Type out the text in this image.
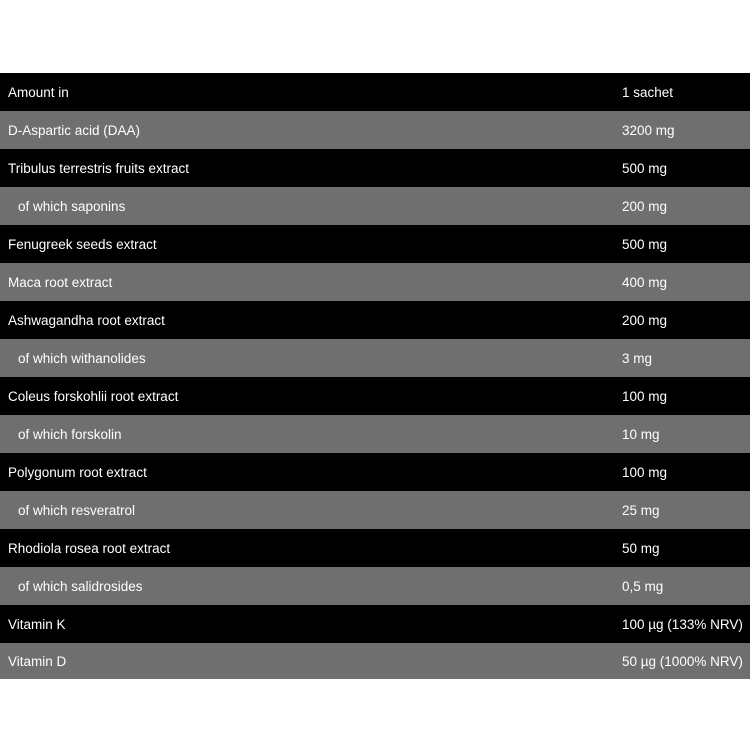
Amount in	1 sachet
D-Aspartic acid (DAA)	3200 mg
Tribulus terrestris fruits extract	500 mg
of which saponins	200 mg
Fenugreek seeds extract	500 mg
Maca root extract	400 mg
Ashwagandha root extract	200 mg
of which withanolides	3 mg
Coleus forskohlii root extract	100 mg
of which forskolin	10 mg
Polygonum root extract	100 mg
of which resveratrol	25 mg
Rhodiola rosea root extract	50 mg
of which salidrosides	0,5 mg
Vitamin K	100 µg (133% NRV)
Vitamin D	50 µg (1000% NRV)
